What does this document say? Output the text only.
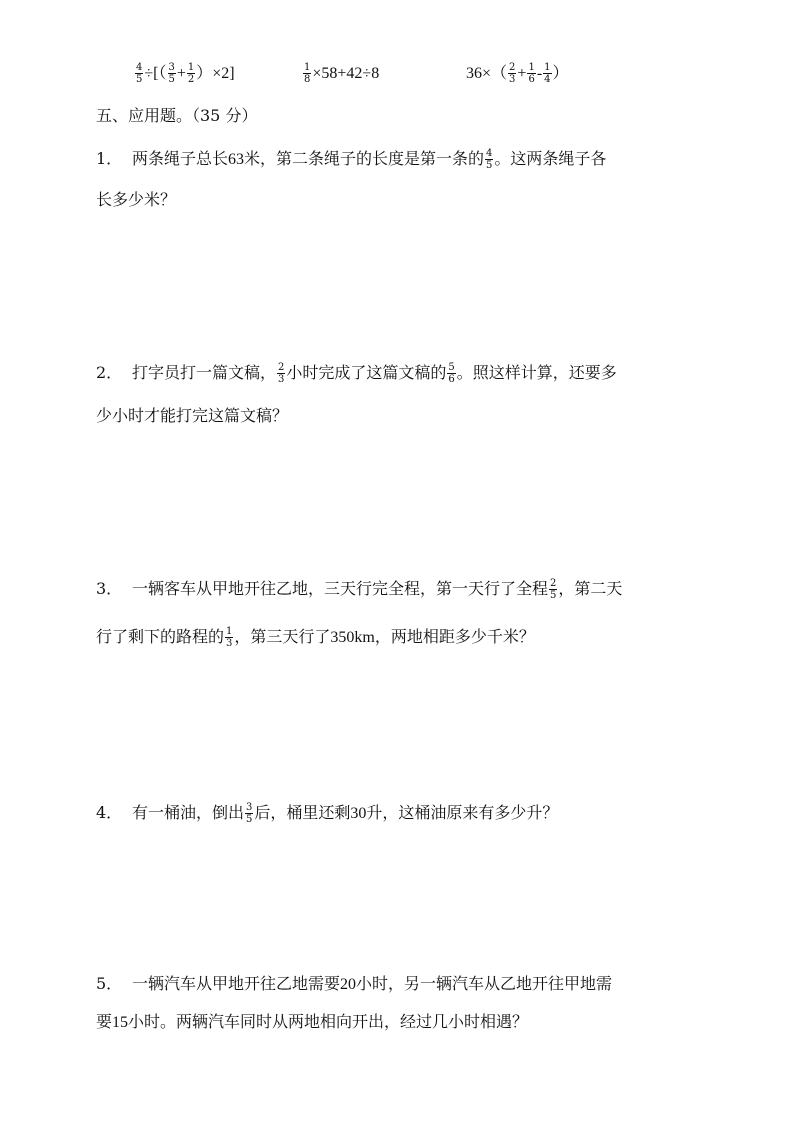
$\frac{4}{5}$ ÷[（ $\frac{3}{5} + \frac{1}{2} )\times 2$]	$\frac{1}{8} \times 58+42\div 8$	$36\times( \frac{2}{3} + \frac{1}{6} - \frac{1}{4}$ ）
五、应用题。（35 分）
1． 两条绳子总长63米，第二条绳子的长度是第一条的 $\frac{4}{5}$ 。这两条绳子各
长多少米？
2． 打字员打一篇文稿， $\frac{2}{3}$ 小时完成了这篇文稿的 $\frac{5}{6}$ 。照这样计算，还要多
少小时才能打完这篇文稿？
3． 一辆客车从甲地开往乙地，三天行完全程，第一天行了全程 $\frac{2}{5}$ ，第二天
行了剩下的路程的 $\frac{1}{3}$ ，第三天行了350km，两地相距多少千米？
4． 有一桶油，倒出 $\frac{3}{5}$ 后，桶里还剩30升，这桶油原来有多少升？
5． 一辆汽车从甲地开往乙地需要20小时，另一辆汽车从乙地开往甲地需
要15小时。两辆汽车同时从两地相向开出，经过几小时相遇？
